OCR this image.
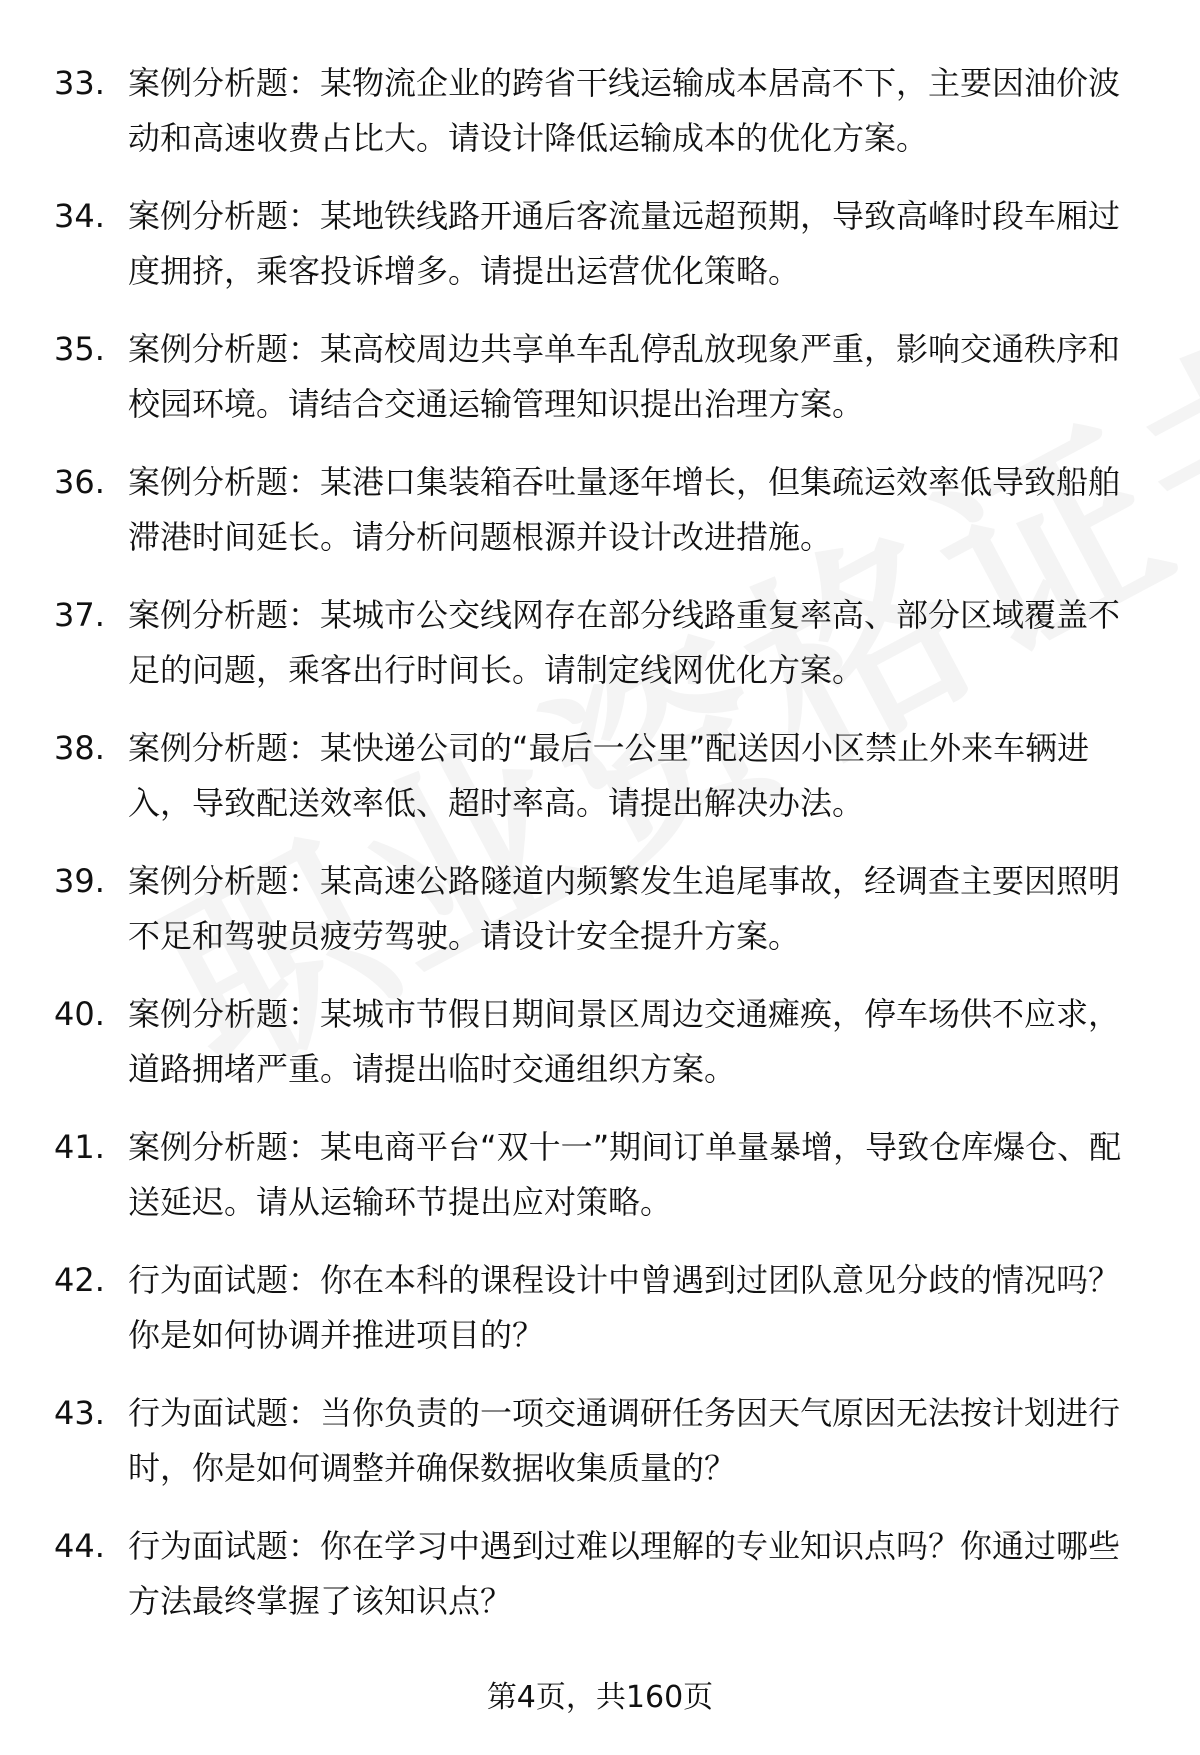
33. 案例分析题：某物流企业的跨省干线运输成本居高不下，主要因油价波动和高速收费占比大。请设计降低运输成本的优化方案。
34. 案例分析题：某地铁线路开通后客流量远超预期，导致高峰时段车厢过度拥挤，乘客投诉增多。请提出运营优化策略。
35. 案例分析题：某高校周边共享单车乱停乱放现象严重，影响交通秩序和校园环境。请结合交通运输管理知识提出治理方案。
36. 案例分析题：某港口集装箱吞吐量逐年增长，但集疏运效率低导致船舶滞港时间延长。请分析问题根源并设计改进措施。
37. 案例分析题：某城市公交线网存在部分线路重复率高、部分区域覆盖不足的问题，乘客出行时间长。请制定线网优化方案。
38. 案例分析题：某快递公司的“最后一公里”配送因小区禁止外来车辆进入，导致配送效率低、超时率高。请提出解决办法。
39. 案例分析题：某高速公路隧道内频繁发生追尾事故，经调查主要因照明不足和驾驶员疲劳驾驶。请设计安全提升方案。
40. 案例分析题：某城市节假日期间景区周边交通瘫痪，停车场供不应求，道路拥堵严重。请提出临时交通组织方案。
41. 案例分析题：某电商平台“双十一”期间订单量暴增，导致仓库爆仓、配送延迟。请从运输环节提出应对策略。
42. 行为面试题：你在本科的课程设计中曾遇到过团队意见分歧的情况吗？你是如何协调并推进项目的？
43. 行为面试题：当你负责的一项交通调研任务因天气原因无法按计划进行时，你是如何调整并确保数据收集质量的？
44. 行为面试题：你在学习中遇到过难以理解的专业知识点吗？你通过哪些方法最终掌握了该知识点？
第4页，共160页
